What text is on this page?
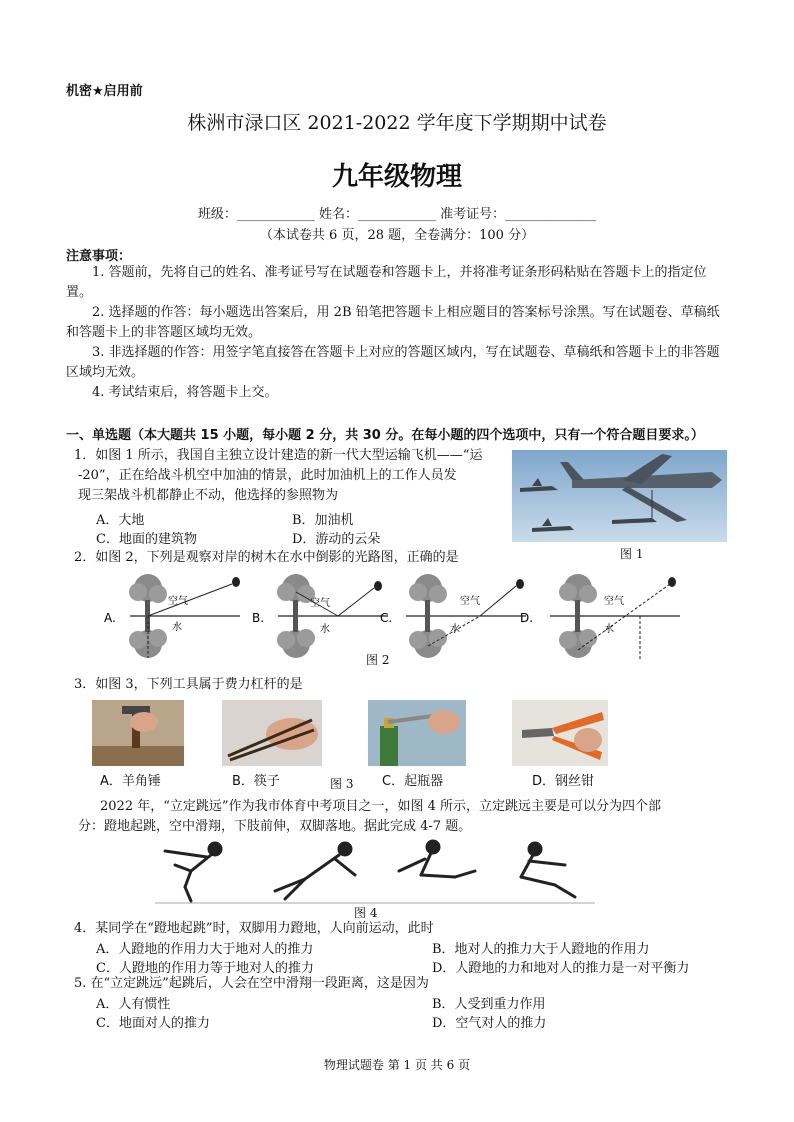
机密★启用前
株洲市渌口区 2021-2022 学年度下学期期中试卷
九年级物理
班级：____________ 姓名：____________ 准考证号：______________
（本试卷共 6 页，28 题，全卷满分：100 分）
注意事项：
1. 答题前，先将自己的姓名、准考证号写在试题卷和答题卡上，并将准考证条形码粘贴在答题卡上的指定位置。
2. 选择题的作答：每小题选出答案后，用 2B 铅笔把答题卡上相应题目的答案标号涂黑。写在试题卷、草稿纸和答题卡上的非答题区域均无效。
3. 非选择题的作答：用签字笔直接答在答题卡上对应的答题区域内，写在试题卷、草稿纸和答题卡上的非答题区域均无效。
4. 考试结束后，将答题卡上交。
一、单选题（本大题共 15 小题，每小题 2 分，共 30 分。在每小题的四个选项中，只有一个符合题目要求。）
1．如图 1 所示，我国自主独立设计建造的新一代大型运输飞机——“运
-20”，正在给战斗机空中加油的情景，此时加油机上的工作人员发
现三架战斗机都静止不动，他选择的参照物为
A．大地	B．加油机
C．地面的建筑物	D．游动的云朵
图 1
2．如图 2，下列是观察对岸的树木在水中倒影的光路图，正确的是
A.
空气
水
B.
空气
水
C.
空气
水
D.
空气
水
图 2
3．如图 3，下列工具属于费力杠杆的是
A．羊角锤	B．筷子	图 3 C．起瓶器	D．钢丝钳
2022 年，“立定跳远”作为我市体育中考项目之一，如图 4 所示，立定跳远主要是可以分为四个部
分：蹬地起跳，空中滑翔，下肢前伸，双脚落地。据此完成 4-7 题。
图 4
4．某同学在“蹬地起跳”时，双脚用力蹬地，人向前运动，此时
A．人蹬地的作用力大于地对人的推力	B．地对人的推力大于人蹬地的作用力
C．人蹬地的作用力等于地对人的推力	D．人蹬地的力和地对人的推力是一对平衡力
5. 在“立定跳远”起跳后，人会在空中滑翔一段距离，这是因为
A．人有惯性	B．人受到重力作用
C．地面对人的推力	D．空气对人的推力
物理试题卷 第 1 页 共 6 页
